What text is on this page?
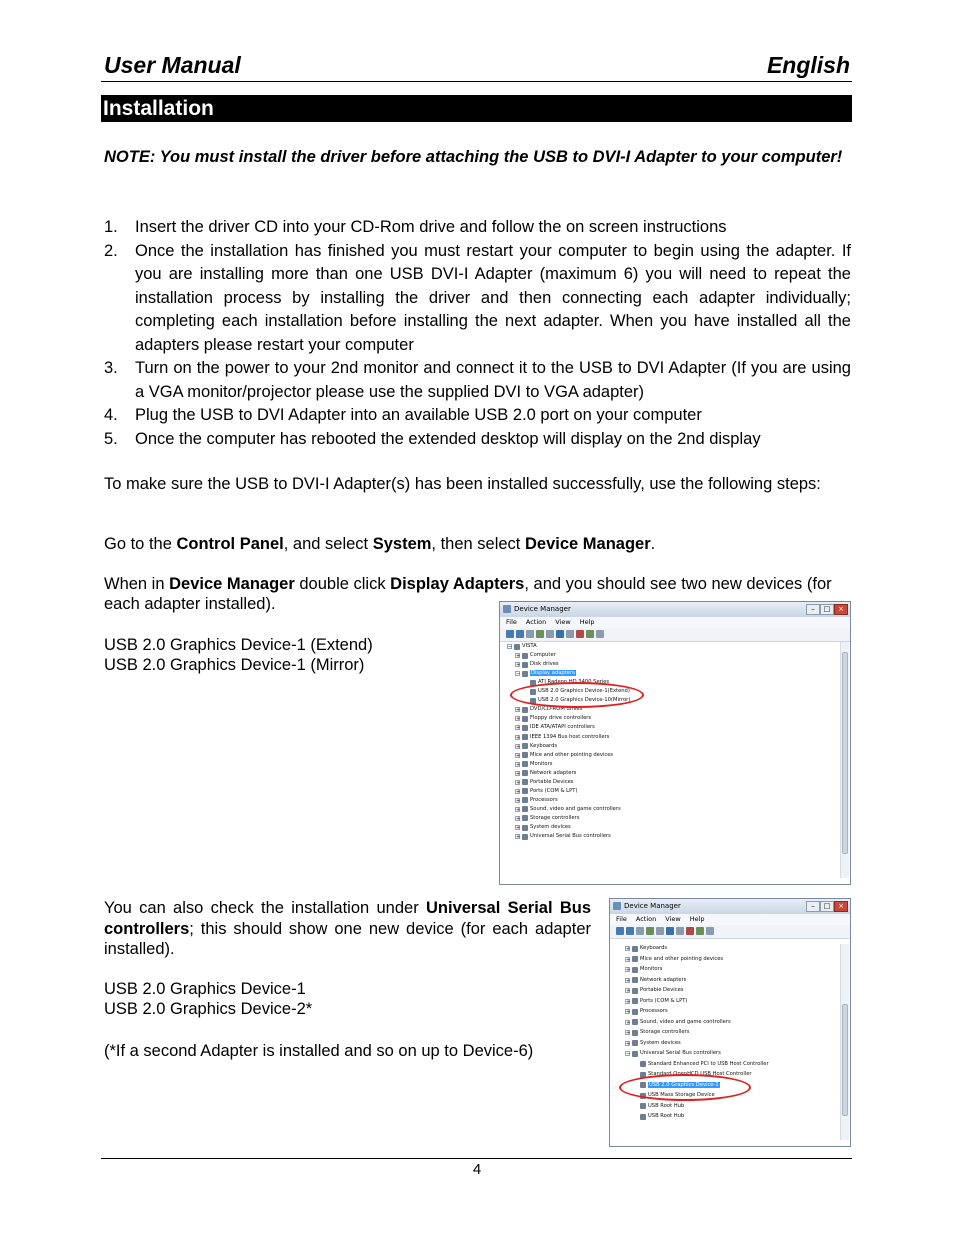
User Manual	English
Installation
NOTE: You must install the driver before attaching the USB to DVI-I Adapter to your computer!
1. Insert the driver CD into your CD-Rom drive and follow the on screen instructions
2. Once the installation has finished you must restart your computer to begin using the adapter. If you are installing more than one USB DVI-I Adapter (maximum 6) you will need to repeat the installation process by installing the driver and then connecting each adapter individually; completing each installation before installing the next adapter. When you have installed all the adapters please restart your computer
3. Turn on the power to your 2nd monitor and connect it to the USB to DVI Adapter (If you are using a VGA monitor/projector please use the supplied DVI to VGA adapter)
4. Plug the USB to DVI Adapter into an available USB 2.0 port on your computer
5. Once the computer has rebooted the extended desktop will display on the 2nd display
To make sure the USB to DVI-I Adapter(s) has been installed successfully, use the following steps:
Go to the Control Panel, and select System, then select Device Manager.
When in Device Manager double click Display Adapters, and you should see two new devices (for each adapter installed).
USB 2.0 Graphics Device-1 (Extend)
USB 2.0 Graphics Device-1 (Mirror)
Device Manager	–	□	×
File Action View Help
− VISTA
+ Computer
+ Disk drives
− Display adapters
ATI Radeon HD 3400 Series
USB 2.0 Graphics Device-1(Extend)
USB 2.0 Graphics Device-10(Mirror)
+ DVD/CD-ROM drives
+ Floppy drive controllers
+ IDE ATA/ATAPI controllers
+ IEEE 1394 Bus host controllers
+ Keyboards
+ Mice and other pointing devices
+ Monitors
+ Network adapters
+ Portable Devices
+ Ports (COM & LPT)
+ Processors
+ Sound, video and game controllers
+ Storage controllers
+ System devices
+ Universal Serial Bus controllers
You can also check the installation under Universal Serial Bus controllers; this should show one new device (for each adapter installed).
USB 2.0 Graphics Device-1
USB 2.0 Graphics Device-2*
(*If a second Adapter is installed and so on up to Device-6)
Device Manager	–	□	×
File Action View Help
+ Keyboards
+ Mice and other pointing devices
+ Monitors
+ Network adapters
+ Portable Devices
+ Ports (COM & LPT)
+ Processors
+ Sound, video and game controllers
+ Storage controllers
+ System devices
− Universal Serial Bus controllers
Standard Enhanced PCI to USB Host Controller
Standard OpenHCD USB Host Controller
USB 2.0 Graphics Device-1
USB Mass Storage Device
USB Root Hub
USB Root Hub
4
